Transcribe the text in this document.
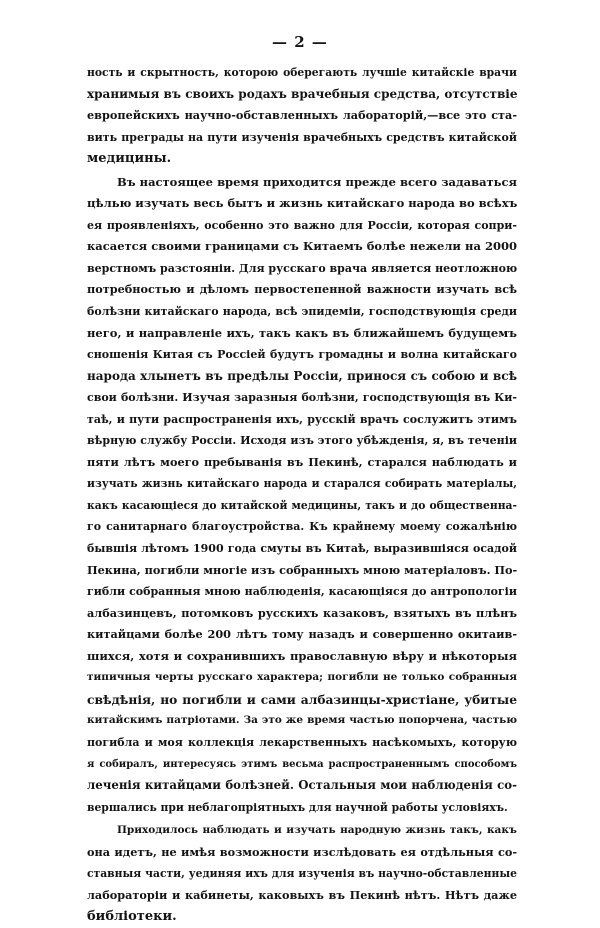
— 2 —
ность и скрытность, которою оберегають лучшіе китайскіе врачи
хранимыя въ своихъ родахъ врачебныя средства, отсутствіе
европейскихъ научно-обставленныхъ лабораторій,—все это ста-
вить преграды на пути изученія врачебныхъ средствъ китайской
медицины.
Въ настоящее время приходится прежде всего задаваться
цѣлью изучать весь бытъ и жизнь китайскаго народа во всѣхъ
ея проявленіяхъ, особенно это важно для Россіи, которая сопри-
касается своими границами съ Китаемъ болѣе нежели на 2000
верстномъ разстояніи. Для русскаго врача является неотложною
потребностью и дѣломъ первостепенной важности изучать всѣ
болѣзни китайскаго народа, всѣ эпидеміи, господствующія среди
него, и направленіе ихъ, такъ какъ въ ближайшемъ будущемъ
сношенія Китая съ Россіей будутъ громадны и волна китайскаго
народа хлынетъ въ предѣлы Россіи, принося съ собою и всѣ
свои болѣзни. Изучая заразныя болѣзни, господствующія въ Ки-
таѣ, и пути распространенія ихъ, русскій врачъ сослужитъ этимъ
вѣрную службу Россіи. Исходя изъ этого убѣжденія, я, въ теченіи
пяти лѣтъ моего пребыванія въ Пекинѣ, старался наблюдать и
изучать жизнь китайскаго народа и старался собирать матеріалы,
какъ касающіеся до китайской медицины, такъ и до общественна-
го санитарнаго благоустройства. Къ крайнему моему сожалѣнію
бывшія лѣтомъ 1900 года смуты въ Китаѣ, выразившіяся осадой
Пекина, погибли многіе изъ собранныхъ мною матеріаловъ. По-
гибли собранныя мною наблюденія, касающіяся до антропологіи
албазинцевъ, потомковъ русскихъ казаковъ, взятыхъ въ плѣнъ
китайцами болѣе 200 лѣтъ тому назадъ и совершенно окитаив-
шихся, хотя и сохранившихъ православную вѣру и нѣкоторыя
типичныя черты русскаго характера; погибли не только собранныя
свѣдѣнія, но погибли и сами албазинцы-христіане, убитые
китайскимъ патріотами. За это же время частью попорчена, частью
погибла и моя коллекція лекарственныхъ насѣкомыхъ, которую
я собиралъ, интересуясь этимъ весьма распространеннымъ способомъ
леченія китайцами болѣзней. Остальныя мои наблюденія со-
вершались при неблагопріятныхъ для научной работы условіяхъ.
Приходилось наблюдать и изучать народную жизнь такъ, какъ
она идетъ, не имѣя возможности изслѣдовать ея отдѣльныя со-
ставныя части, уединяя ихъ для изученія въ научно-обставленные
лабораторіи и кабинеты, каковыхъ въ Пекинѣ нѣтъ. Нѣтъ даже
библіотеки.
